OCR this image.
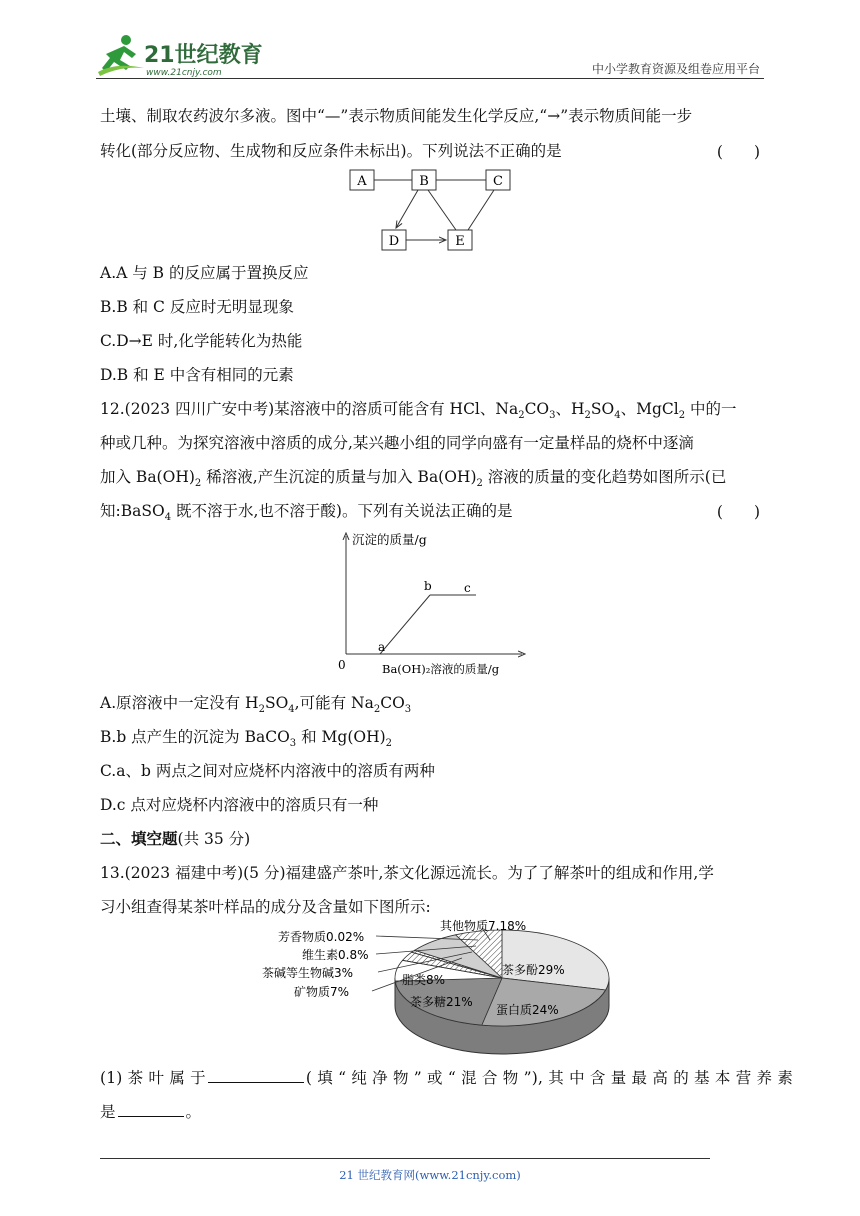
21世纪教育
www.21cnjy.com	中小学教育资源及组卷应用平台
土壤、制取农药波尔多液。图中“—”表示物质间能发生化学反应,“→”表示物质间能一步
转化(部分反应物、生成物和反应条件未标出)。下列说法不正确的是	(　　)
A	B	C
D	E
A.A 与 B 的反应属于置换反应
B.B 和 C 反应时无明显现象
C.D→E 时,化学能转化为热能
D.B 和 E 中含有相同的元素
12.(2023 四川广安中考)某溶液中的溶质可能含有 HCl、$Na_2CO_3$、$H_2SO_4$、MgCl$_2$ 中的一
种或几种。为探究溶液中溶质的成分,某兴趣小组的同学向盛有一定量样品的烧杯中逐滴
加入 $Ba(OH)_2$ 稀溶液,产生沉淀的质量与加入 $Ba(OH)_2$ 溶液的质量的变化趋势如图所示(已
知:BaSO$_4$ 既不溶于水,也不溶于酸)。下列有关说法正确的是	(　　)
沉淀的质量/g
0	Ba(OH)₂溶液的质量/g
a
b	c
A.原溶液中一定没有 $H_2SO_4$,可能有 $Na_2CO_3$
B.b 点产生的沉淀为 BaCO$_3$ 和 $Mg(OH)_2$
C.a、b 两点之间对应烧杯内溶液中的溶质有两种
D.c 点对应烧杯内溶液中的溶质只有一种
二、填空题(共 35 分)
13.(2023 福建中考)(5 分)福建盛产茶叶,茶文化源远流长。为了了解茶叶的组成和作用,学
习小组查得某茶叶样品的成分及含量如下图所示:
芳香物质0.02%
维生素0.8%
茶碱等生物碱3%
矿物质7%
其他物质7.18%
脂类8%
茶多酚29%
茶多糖21%
蛋白质24%
(1) 茶 叶 属 于	( 填 “ 纯 净 物 ” 或 “ 混 合 物 ”), 其 中 含 量 最 高 的 基 本 营 养 素
是	。
21 世纪教育网(www.21cnjy.com)
